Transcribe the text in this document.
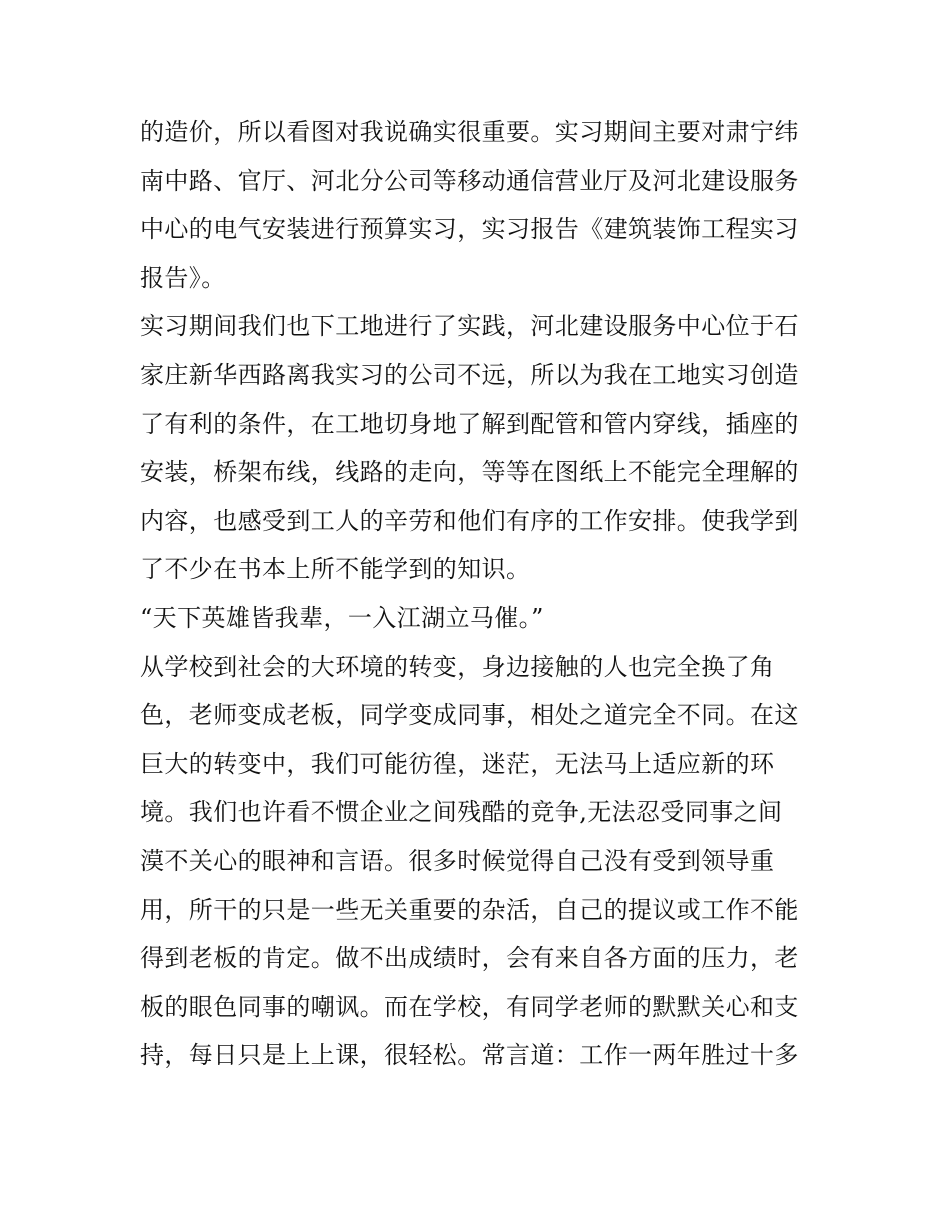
的造价，所以看图对我说确实很重要。实习期间主要对肃宁纬
南中路、官厅、河北分公司等移动通信营业厅及河北建设服务
中心的电气安装进行预算实习，实习报告《建筑装饰工程实习
报告》。
实习期间我们也下工地进行了实践，河北建设服务中心位于石
家庄新华西路离我实习的公司不远，所以为我在工地实习创造
了有利的条件，在工地切身地了解到配管和管内穿线，插座的
安装，桥架布线，线路的走向，等等在图纸上不能完全理解的
内容，也感受到工人的辛劳和他们有序的工作安排。使我学到
了不少在书本上所不能学到的知识。
“天下英雄皆我辈，一入江湖立马催。”
从学校到社会的大环境的转变，身边接触的人也完全换了角
色，老师变成老板，同学变成同事，相处之道完全不同。在这
巨大的转变中，我们可能彷徨，迷茫，无法马上适应新的环
境。我们也许看不惯企业之间残酷的竞争,无法忍受同事之间
漠不关心的眼神和言语。很多时候觉得自己没有受到领导重
用，所干的只是一些无关重要的杂活，自己的提议或工作不能
得到老板的肯定。做不出成绩时，会有来自各方面的压力，老
板的眼色同事的嘲讽。而在学校，有同学老师的默默关心和支
持，每日只是上上课，很轻松。常言道：工作一两年胜过十多
